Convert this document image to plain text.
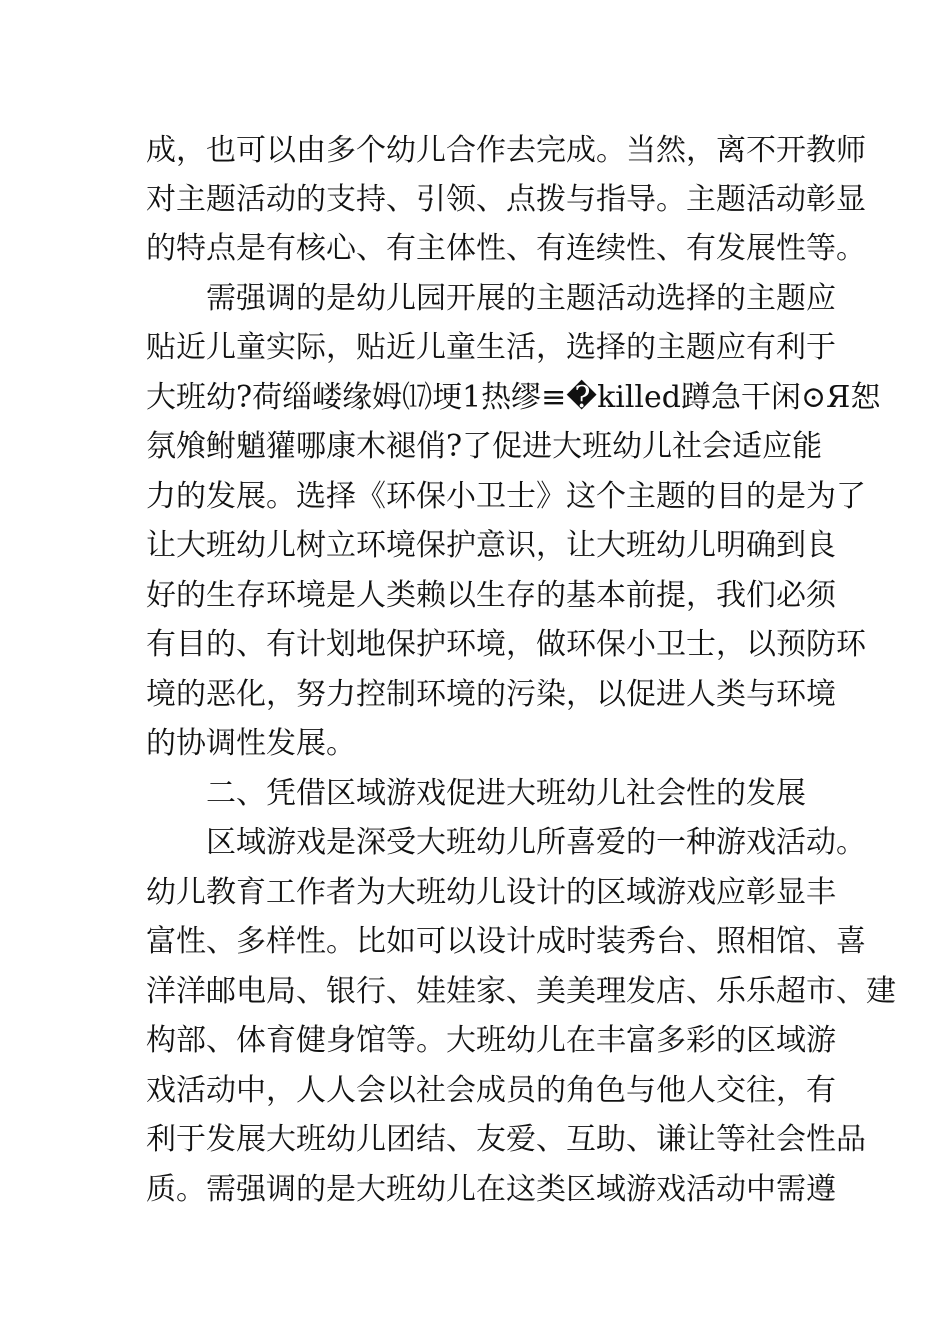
成，也可以由多个幼儿合作去完成。当然，离不开教师
对主题活动的支持、引领、点拨与指导。主题活动彰显
的特点是有核心、有主体性、有连续性、有发展性等。
需强调的是幼儿园开展的主题活动选择的主题应
贴近儿童实际，贴近儿童生活，选择的主题应有利于
大班幼?荷缁嵝缘姆⒄埂1热缪≡�killed蹲急干闲⊙Я恕
氛飧鲋魈獾哪康木褪俏?了促进大班幼儿社会适应能
力的发展。选择《环保小卫士》这个主题的目的是为了
让大班幼儿树立环境保护意识，让大班幼儿明确到良
好的生存环境是人类赖以生存的基本前提，我们必须
有目的、有计划地保护环境，做环保小卫士，以预防环
境的恶化，努力控制环境的污染，以促进人类与环境
的协调性发展。
二、凭借区域游戏促进大班幼儿社会性的发展
区域游戏是深受大班幼儿所喜爱的一种游戏活动。
幼儿教育工作者为大班幼儿设计的区域游戏应彰显丰
富性、多样性。比如可以设计成时装秀台、照相馆、喜
洋洋邮电局、银行、娃娃家、美美理发店、乐乐超市、建
构部、体育健身馆等。大班幼儿在丰富多彩的区域游
戏活动中，人人会以社会成员的角色与他人交往，有
利于发展大班幼儿团结、友爱、互助、谦让等社会性品
质。需强调的是大班幼儿在这类区域游戏活动中需遵
